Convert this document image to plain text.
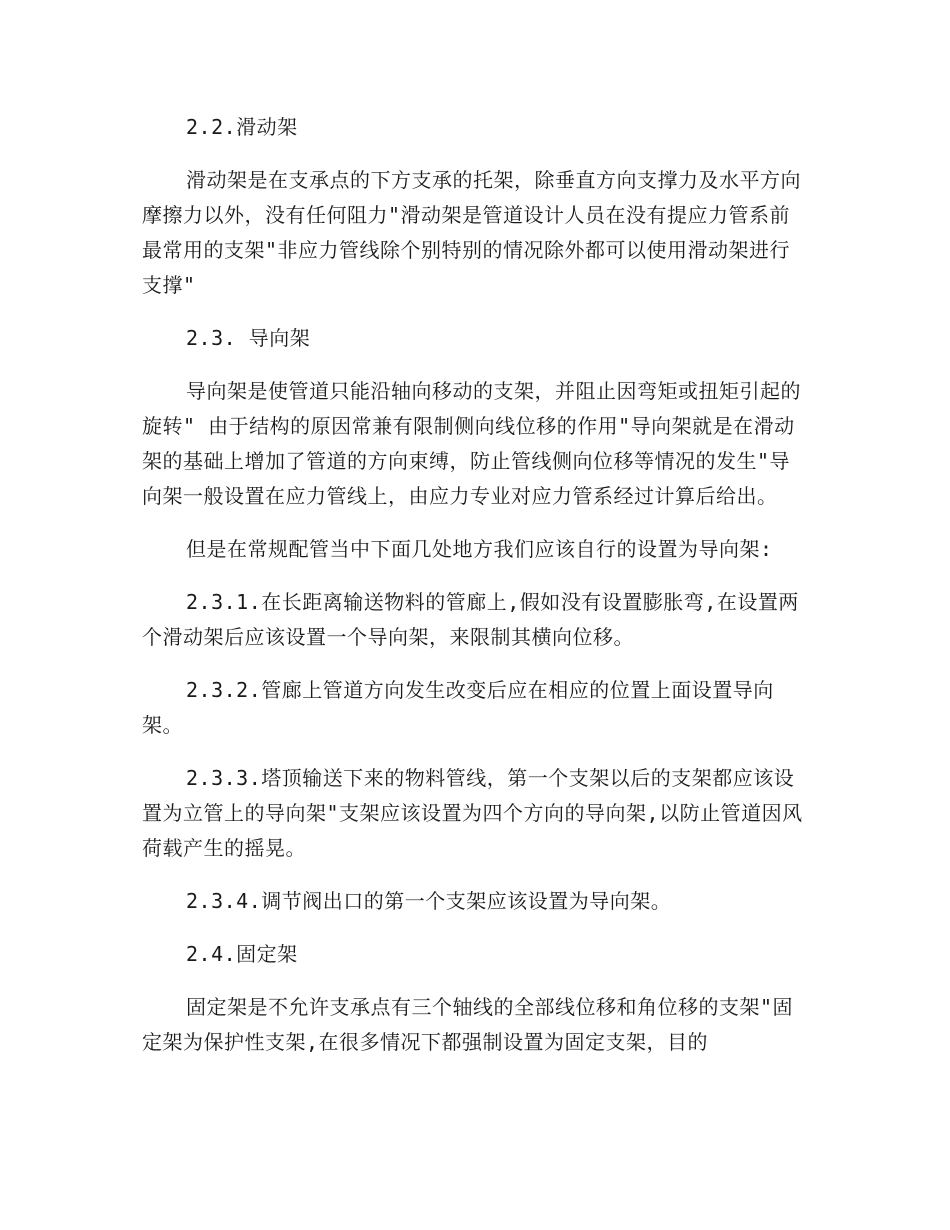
2.2.滑动架

滑动架是在支承点的下方支承的托架，除垂直方向支撑力及水平方向摩擦力以外，没有任何阻力"滑动架是管道设计人员在没有提应力管系前最常用的支架"非应力管线除个别特别的情况除外都可以使用滑动架进行支撑"

2.3. 导向架

导向架是使管道只能沿轴向移动的支架，并阻止因弯矩或扭矩引起的旋转" 由于结构的原因常兼有限制侧向线位移的作用"导向架就是在滑动架的基础上增加了管道的方向束缚，防止管线侧向位移等情况的发生"导向架一般设置在应力管线上，由应力专业对应力管系经过计算后给出。

但是在常规配管当中下面几处地方我们应该自行的设置为导向架:

2.3.1.在长距离输送物料的管廊上,假如没有设置膨胀弯,在设置两个滑动架后应该设置一个导向架，来限制其横向位移。

2.3.2.管廊上管道方向发生改变后应在相应的位置上面设置导向架。

2.3.3.塔顶输送下来的物料管线，第一个支架以后的支架都应该设置为立管上的导向架"支架应该设置为四个方向的导向架,以防止管道因风荷载产生的摇晃。

2.3.4.调节阀出口的第一个支架应该设置为导向架。

2.4.固定架

固定架是不允许支承点有三个轴线的全部线位移和角位移的支架"固定架为保护性支架,在很多情况下都强制设置为固定支架，目的
